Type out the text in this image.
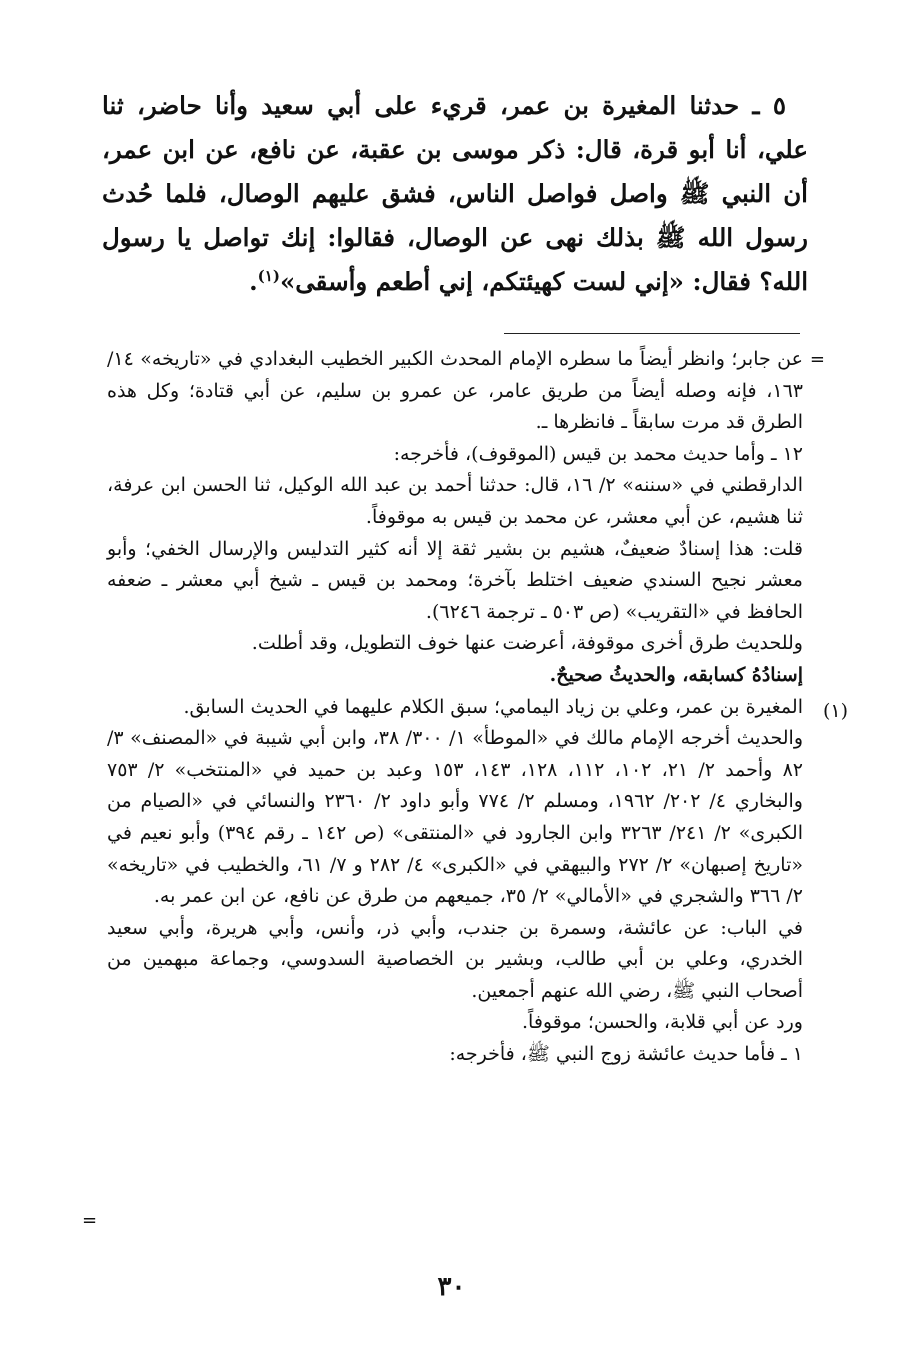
٥ ـ حدثنا المغيرة بن عمر، قريء على أبي سعيد وأنا حاضر، ثنا علي، أنا أبو قرة، قال: ذكر موسى بن عقبة، عن نافع، عن ابن عمر، أن النبي ﷺ واصل فواصل الناس، فشق عليهم الوصال، فلما حُدث رسول الله ﷺ بذلك نهى عن الوصال، فقالوا: إنك تواصل يا رسول الله؟ فقال: «إني لست كهيئتكم، إني أطعم وأسقى»$^{(١)}$.

=
(١)

عن جابر؛ وانظر أيضاً ما سطره الإمام المحدث الكبير الخطيب البغدادي في «تاريخه» ١٤/ ١٦٣، فإنه وصله أيضاً من طريق عامر، عن عمرو بن سليم، عن أبي قتادة؛ وكل هذه الطرق قد مرت سابقاً ـ فانظرها ـ.

١٢ ـ وأما حديث محمد بن قيس (الموقوف)، فأخرجه:

الدارقطني في «سننه» ٢/ ١٦، قال: حدثنا أحمد بن عبد الله الوكيل، ثنا الحسن ابن عرفة، ثنا هشيم، عن أبي معشر، عن محمد بن قيس به موقوفاً.

قلت: هذا إسنادٌ ضعيفٌ، هشيم بن بشير ثقة إلا أنه كثير التدليس والإرسال الخفي؛ وأبو معشر نجيح السندي ضعيف اختلط بآخرة؛ ومحمد بن قيس ـ شيخ أبي معشر ـ ضعفه الحافظ في «التقريب» (ص ٥٠٣ ـ ترجمة ٦٢٤٦).

وللحديث طرق أخرى موقوفة، أعرضت عنها خوف التطويل، وقد أطلت.

إسنادُهُ كسابقه، والحديثُ صحيحٌ.

المغيرة بن عمر، وعلي بن زياد اليمامي؛ سبق الكلام عليهما في الحديث السابق.

والحديث أخرجه الإمام مالك في «الموطأ» ١/ ٣٠٠/ ٣٨، وابن أبي شيبة في «المصنف» ٣/ ٨٢ وأحمد ٢/ ٢١، ١٠٢، ١١٢، ١٢٨، ١٤٣، ١٥٣ وعبد بن حميد في «المنتخب» ٢/ ٧٥٣ والبخاري ٤/ ٢٠٢/ ١٩٦٢، ومسلم ٢/ ٧٧٤ وأبو داود ٢/ ٢٣٦٠ والنسائي في «الصيام من الكبرى» ٢/ ٢٤١/ ٣٢٦٣ وابن الجارود في «المنتقى» (ص ١٤٢ ـ رقم ٣٩٤) وأبو نعيم في «تاريخ إصبهان» ٢/ ٢٧٢ والبيهقي في «الكبرى» ٤/ ٢٨٢ و ٧/ ٦١، والخطيب في «تاريخه» ٢/ ٣٦٦ والشجري في «الأمالي» ٢/ ٣٥، جميعهم من طرق عن نافع، عن ابن عمر به.

في الباب: عن عائشة، وسمرة بن جندب، وأبي ذر، وأنس، وأبي هريرة، وأبي سعيد الخدري، وعلي بن أبي طالب، وبشير بن الخصاصية السدوسي، وجماعة مبهمين من أصحاب النبي ﷺ، رضي الله عنهم أجمعين.

ورد عن أبي قلابة، والحسن؛ موقوفاً.

١ ـ فأما حديث عائشة زوج النبي ﷺ، فأخرجه:

=
٣٠
